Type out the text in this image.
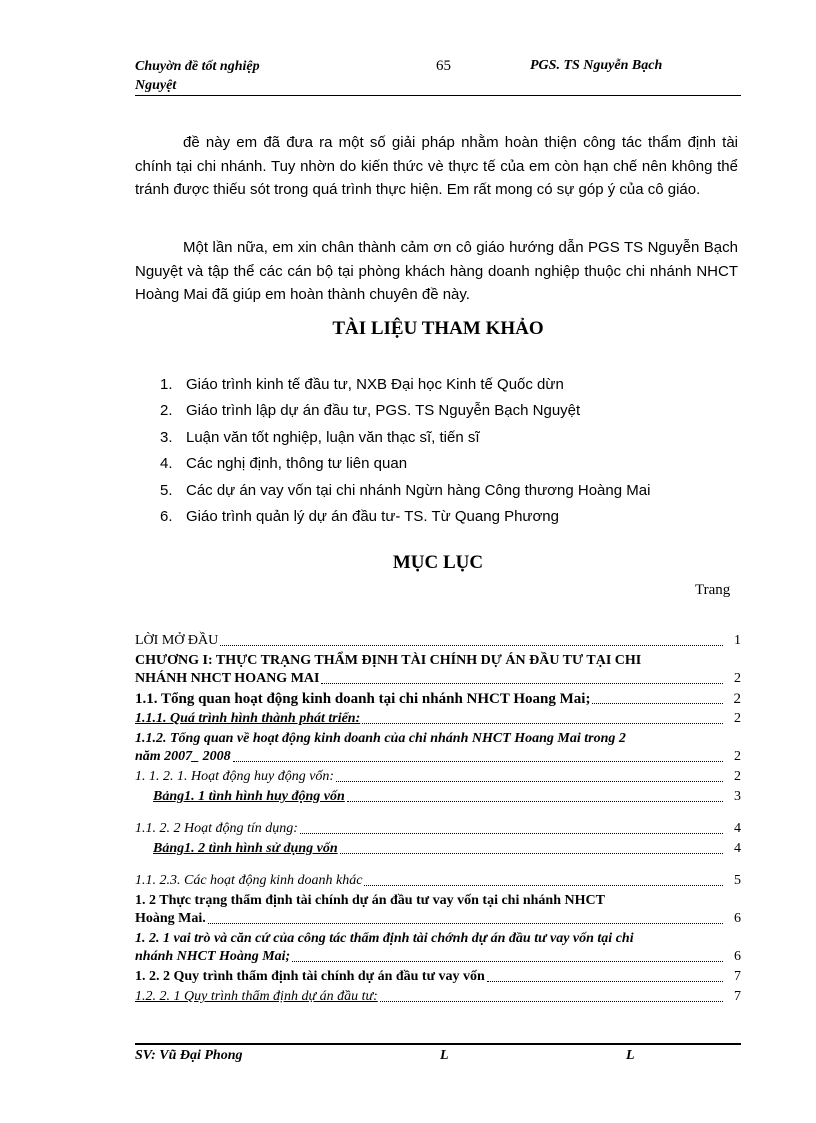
Chuyờn đề tốt nghiệp
Nguyệt
65	PGS. TS Nguyễn Bạch
đề này em đã đưa ra một số giải pháp nhằm hoàn thiện công tác thẩm định tài chính tại chi nhánh. Tuy nhờn do kiến thức vè thực tế của em còn hạn chế nên không thể tránh được thiếu sót trong quá trình thực hiện. Em rất mong có sự góp ý của cô giáo.
Một lần nữa, em xin chân thành cảm ơn cô giáo hướng dẫn PGS TS Nguyễn Bạch Nguyệt và tập thể các cán bộ tại phòng khách hàng doanh nghiệp thuộc chi nhánh NHCT Hoàng Mai đã giúp em hoàn thành chuyên đề này.
TÀI LIỆU THAM KHẢO
1. Giáo trình kinh tế đầu tư, NXB Đại học Kinh tế Quốc dừn
2. Giáo trình lập dự án đầu tư, PGS. TS Nguyễn Bạch Nguyệt
3. Luận văn tốt nghiệp, luận văn thạc sĩ, tiến sĩ
4. Các nghị định, thông tư liên quan
5. Các dự án vay vốn tại chi nhánh Ngừn hàng Công thương Hoàng Mai
6. Giáo trình quản lý dự án đầu tư- TS. Từ Quang Phương
MỤC LỤC
Trang
LỜI MỞ ĐẦU	1
CHƯƠNG I: THỰC TRẠNG THẨM ĐỊNH TÀI CHÍNH DỰ ÁN ĐẦU TƯ TẠI CHI
NHÁNH NHCT HOANG MAI	2
1.1. Tổng quan hoạt động kinh doanh tại chi nhánh NHCT Hoang Mai;	2
1.1.1. Quá trình hình thành phát triển:	2
1.1.2. Tổng quan về hoạt động kinh doanh của chi nhánh NHCT Hoang Mai trong 2
năm 2007_ 2008	2
1. 1. 2. 1. Hoạt động huy động vốn:	2
Bảng1. 1 tình hình huy động vốn	3
1.1. 2. 2 Hoạt động tín dụng:	4
Bảng1. 2 tình hình sử dụng vốn	4
1.1. 2.3. Các hoạt động kinh doanh khác	5
1. 2 Thực trạng thẩm định tài chính dự án đầu tư vay vốn tại chi nhánh NHCT
Hoàng Mai.	6
1. 2. 1 vai trò và căn cứ của công tác thẩm định tài chớnh dự án đầu tư vay vốn tại chi
nhánh NHCT Hoàng Mai;	6
1. 2. 2 Quy trình thẩm định tài chính dự án đầu tư vay vốn	7
1.2. 2. 1 Quy trình thẩm định dự án đầu tư:	7
SV: Vũ Đại Phong	L	L
